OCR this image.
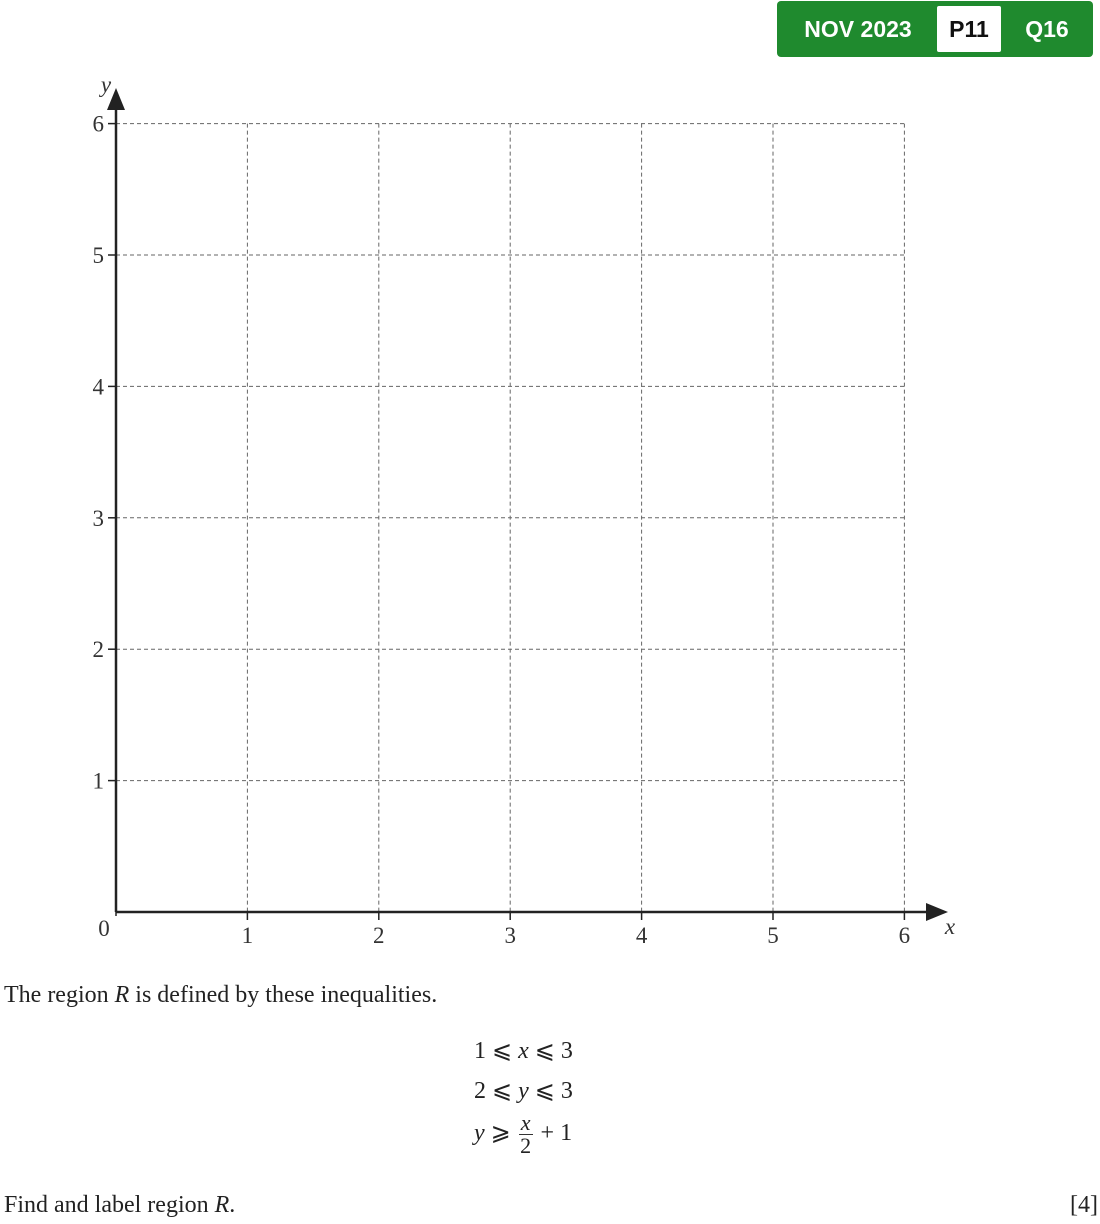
NOV 2023	P11	Q16
1	2	3	4	5	6
1
2
3
4
5
6
0	x
y
The region R is defined by these inequalities.
1 ⩽ x ⩽ 3
2 ⩽ y ⩽ 3
y ⩾ $\frac{x}{2} + 1$
Find and label region R.	[4]
